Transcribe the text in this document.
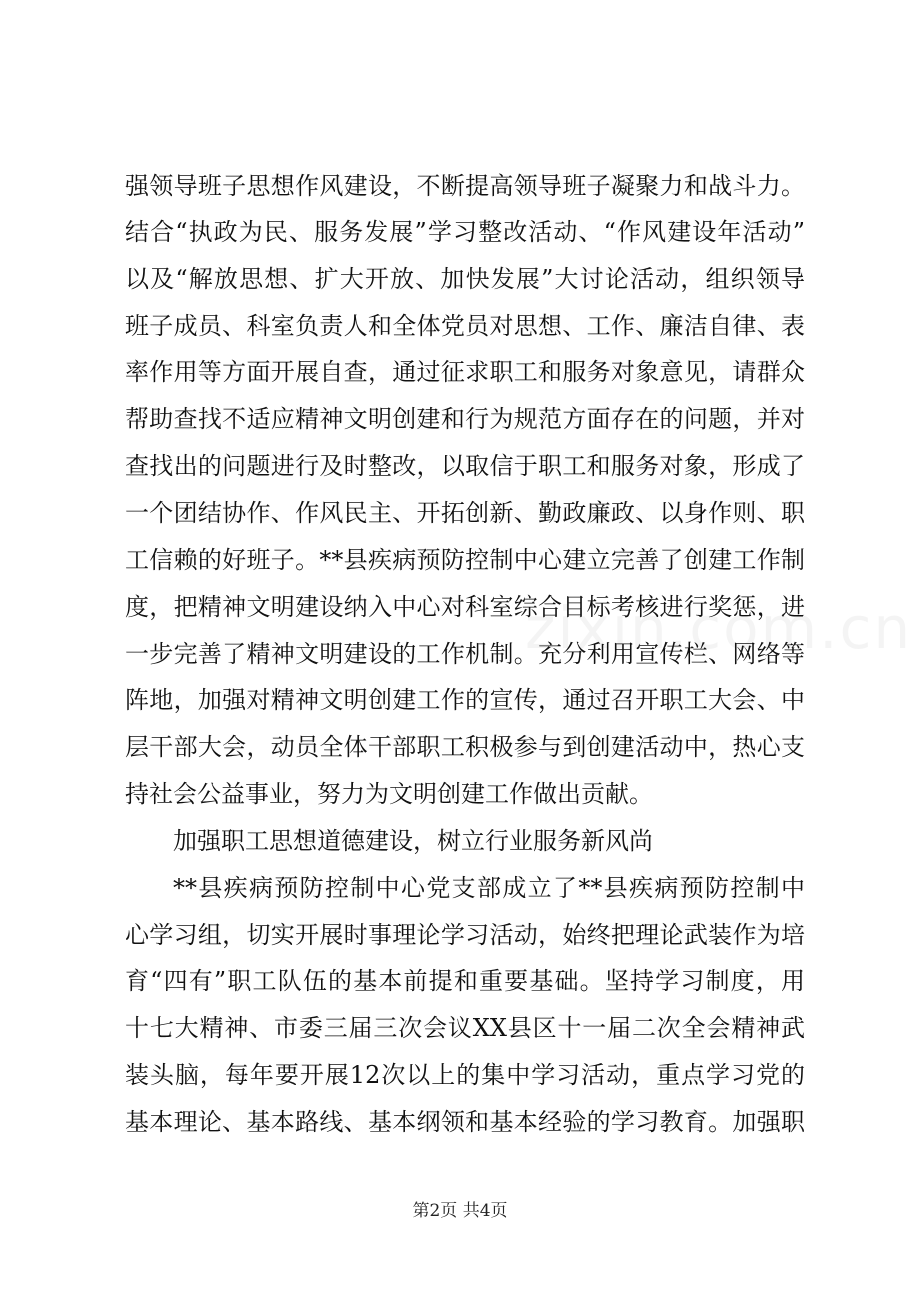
强领导班子思想作风建设，不断提高领导班子凝聚力和战斗力。
结合“执政为民、服务发展”学习整改活动、“作风建设年活动”
以及“解放思想、扩大开放、加快发展”大讨论活动，组织领导
班子成员、科室负责人和全体党员对思想、工作、廉洁自律、表
率作用等方面开展自查，通过征求职工和服务对象意见，请群众
帮助查找不适应精神文明创建和行为规范方面存在的问题，并对
查找出的问题进行及时整改，以取信于职工和服务对象，形成了
一个团结协作、作风民主、开拓创新、勤政廉政、以身作则、职
工信赖的好班子。**县疾病预防控制中心建立完善了创建工作制
度，把精神文明建设纳入中心对科室综合目标考核进行奖惩，进
一步完善了精神文明建设的工作机制。充分利用宣传栏、网络等
阵地，加强对精神文明创建工作的宣传，通过召开职工大会、中
层干部大会，动员全体干部职工积极参与到创建活动中，热心支
持社会公益事业，努力为文明创建工作做出贡献。
加强职工思想道德建设，树立行业服务新风尚
**县疾病预防控制中心党支部成立了**县疾病预防控制中
心学习组，切实开展时事理论学习活动，始终把理论武装作为培
育“四有”职工队伍的基本前提和重要基础。坚持学习制度，用
十七大精神、市委三届三次会议XX县区十一届二次全会精神武
装头脑，每年要开展12次以上的集中学习活动，重点学习党的
基本理论、基本路线、基本纲领和基本经验的学习教育。加强职
第2页 共4页
